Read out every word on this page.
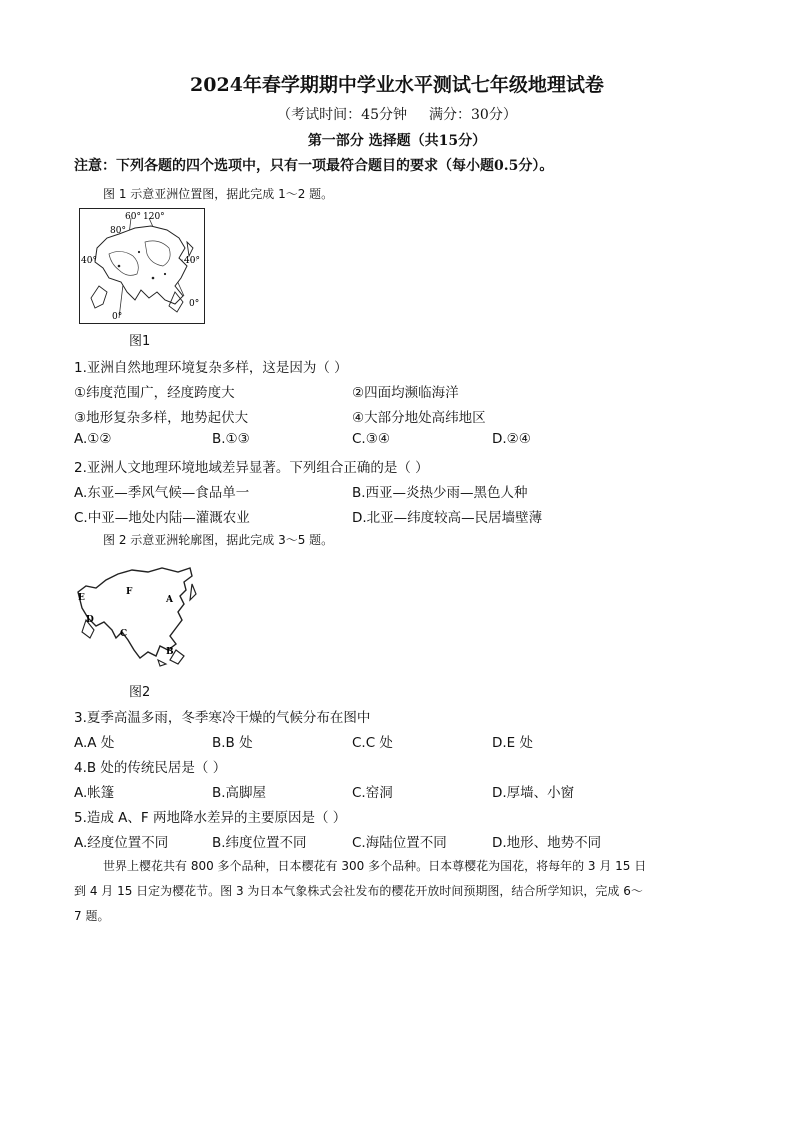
2024年春学期期中学业水平测试七年级地理试卷
（考试时间：45分钟 满分：30分）
第一部分 选择题（共15分）
注意：下列各题的四个选项中，只有一项最符合题目的要求（每小题0.5分）。
图 1 示意亚洲位置图，据此完成 1～2 题。
60° 120°
80°
40°	40°
0°
0°
图1
1.亚洲自然地理环境复杂多样，这是因为（ ）
①纬度范围广，经度跨度大	②四面均濒临海洋
③地形复杂多样，地势起伏大	④大部分地处高纬地区
A.①②	B.①③	C.③④	D.②④
2.亚洲人文地理环境地域差异显著。下列组合正确的是（ ）
A.东亚—季风气候—食品单一	B.西亚—炎热少雨—黑色人种
C.中亚—地处内陆—灌溉农业	D.北亚—纬度较高—民居墙壁薄
图 2 示意亚洲轮廓图，据此完成 3～5 题。
E
F
A
D
C
B
图2
3.夏季高温多雨，冬季寒冷干燥的气候分布在图中
A.A 处	B.B 处	C.C 处	D.E 处
4.B 处的传统民居是（ ）
A.帐篷	B.高脚屋	C.窑洞	D.厚墙、小窗
5.造成 A、F 两地降水差异的主要原因是（ ）
A.经度位置不同	B.纬度位置不同	C.海陆位置不同	D.地形、地势不同
世界上樱花共有 800 多个品种，日本樱花有 300 多个品种。日本尊樱花为国花，将每年的 3 月 15 日
到 4 月 15 日定为樱花节。图 3 为日本气象株式会社发布的樱花开放时间预期图，结合所学知识，完成 6～
7 题。
